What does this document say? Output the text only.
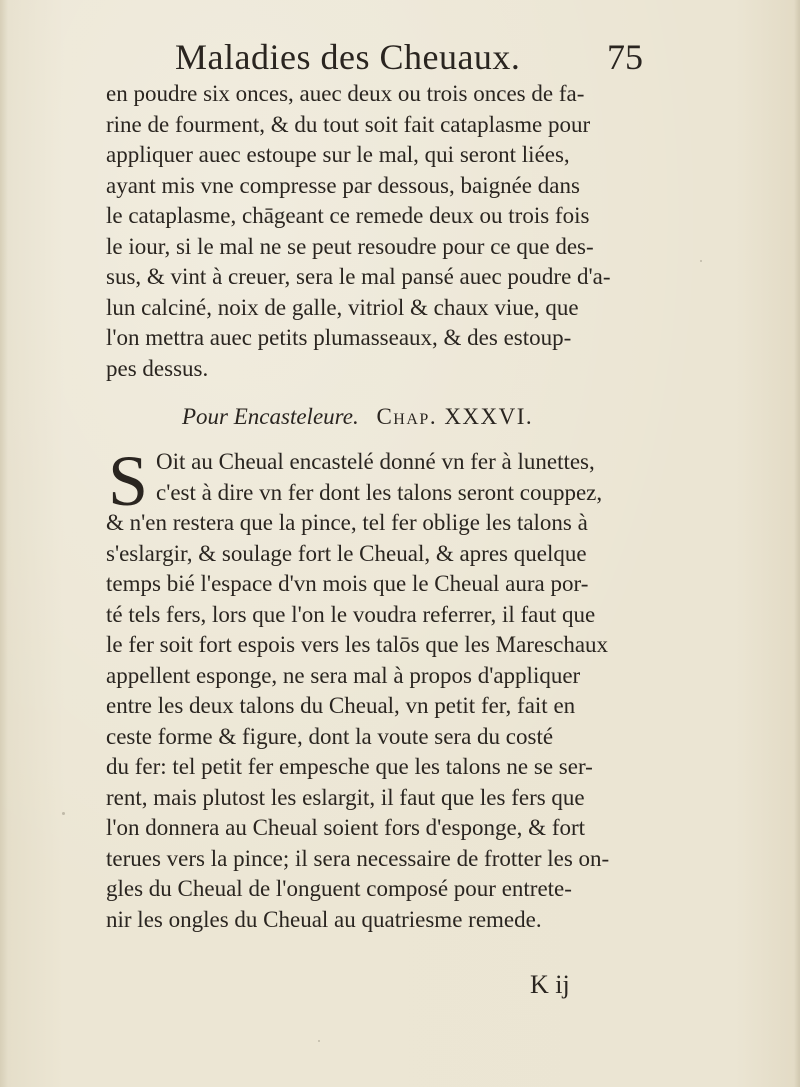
Maladies des Cheuaux. 75
en poudre six onces, auec deux ou trois onces de fa-
rine de fourment, & du tout soit fait cataplasme pour
appliquer auec estoupe sur le mal, qui seront liées,
ayant mis vne compresse par dessous, baignée dans
le cataplasme, chāgeant ce remede deux ou trois fois
le iour, si le mal ne se peut resoudre pour ce que des-
sus, & vint à creuer, sera le mal pansé auec poudre d'a-
lun calciné, noix de galle, vitriol & chaux viue, que
l'on mettra auec petits plumasseaux, & des estoup-
pes dessus.
Pour Encasteleure. Chap. XXXVI.
S Oit au Cheual encastelé donné vn fer à lunettes,
c'est à dire vn fer dont les talons seront couppez,
& n'en restera que la pince, tel fer oblige les talons à
s'eslargir, & soulage fort le Cheual, & apres quelque
temps bié l'espace d'vn mois que le Cheual aura por-
té tels fers, lors que l'on le voudra referrer, il faut que
le fer soit fort espois vers les talōs que les Mareschaux
appellent esponge, ne sera mal à propos d'appliquer
entre les deux talons du Cheual, vn petit fer, fait en
ceste forme & figure, dont la voute sera du costé
du fer: tel petit fer empesche que les talons ne se ser-
rent, mais plutost les eslargit, il faut que les fers que
l'on donnera au Cheual soient fors d'esponge, & fort
terues vers la pince; il sera necessaire de frotter les on-
gles du Cheual de l'onguent composé pour entrete-
nir les ongles du Cheual au quatriesme remede.
K ij
